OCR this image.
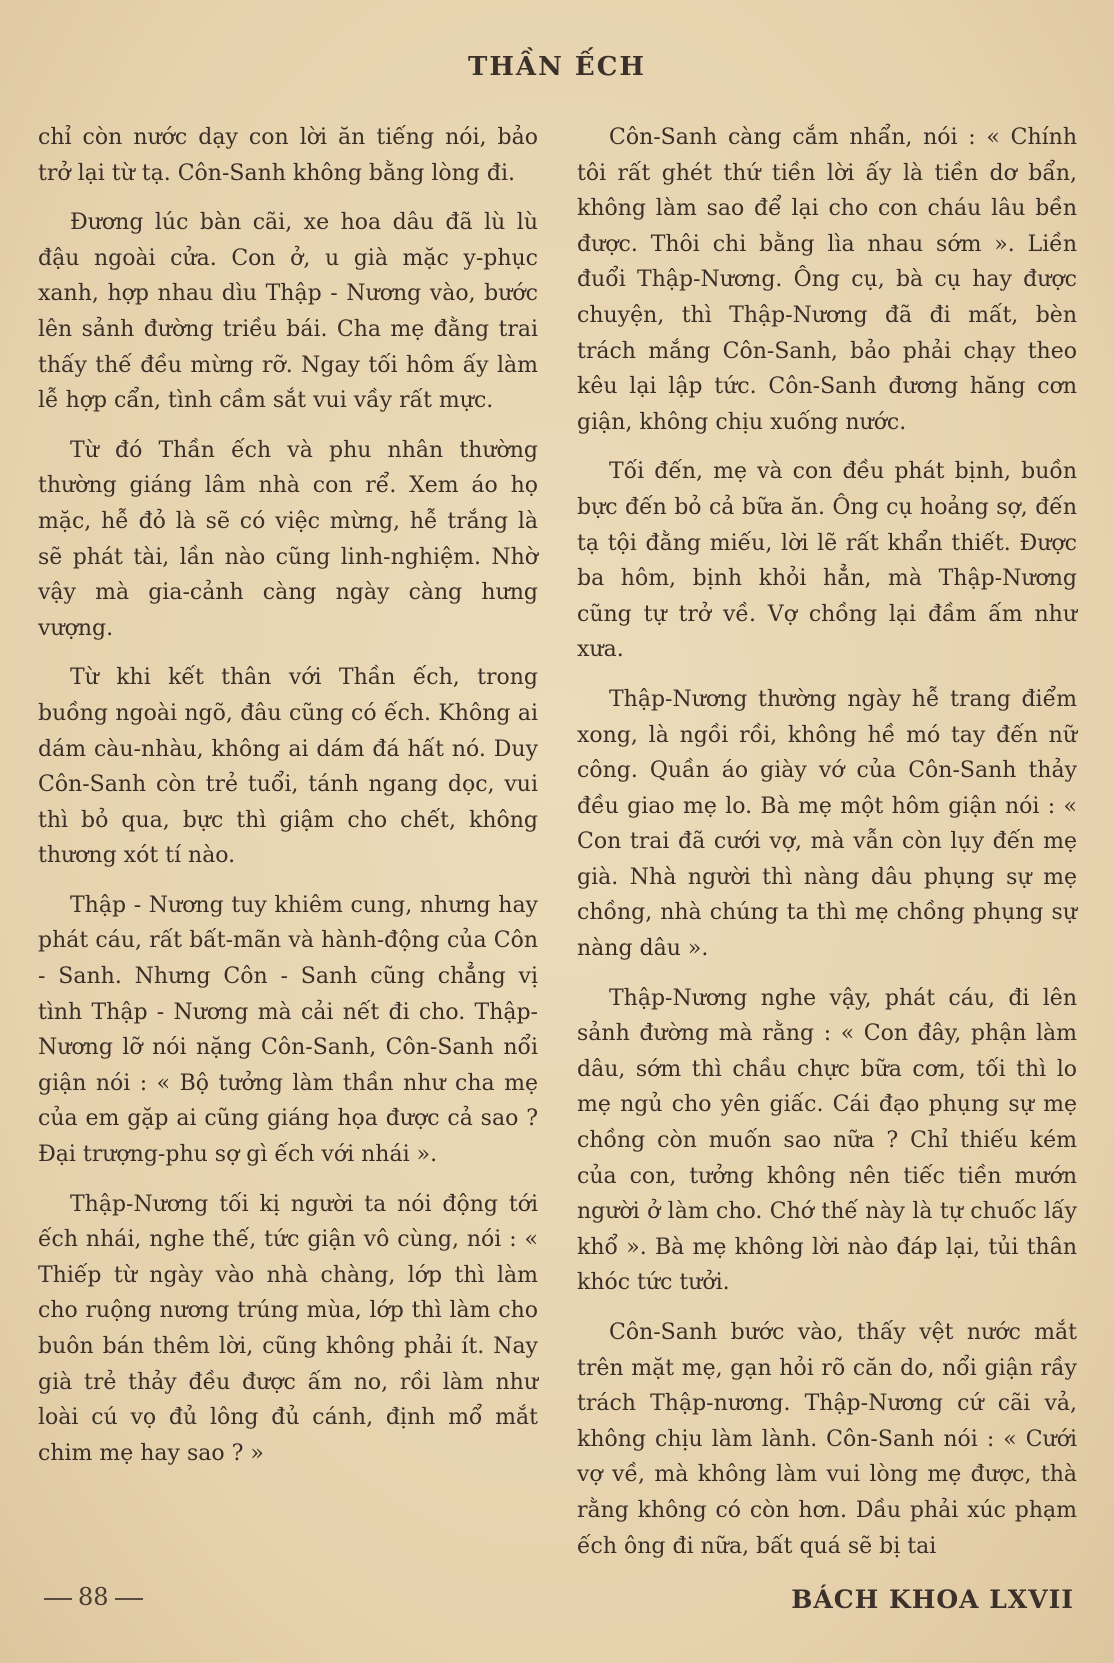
THẦN ẾCH

chỉ còn nước dạy con lời ăn tiếng nói, bảo trở lại từ tạ. Côn-Sanh không bằng lòng đi.

Đương lúc bàn cãi, xe hoa dâu đã lù lù đậu ngoài cửa. Con ở, u già mặc y-phục xanh, hợp nhau dìu Thập - Nương vào, bước lên sảnh đường triều bái. Cha mẹ đằng trai thấy thế đều mừng rỡ. Ngay tối hôm ấy làm lễ hợp cẩn, tình cầm sắt vui vầy rất mực.

Từ đó Thần ếch và phu nhân thường thường giáng lâm nhà con rể. Xem áo họ mặc, hễ đỏ là sẽ có việc mừng, hễ trắng là sẽ phát tài, lần nào cũng linh-nghiệm. Nhờ vậy mà gia-cảnh càng ngày càng hưng vượng.

Từ khi kết thân với Thần ếch, trong buồng ngoài ngõ, đâu cũng có ếch. Không ai dám càu-nhàu, không ai dám đá hất nó. Duy Côn-Sanh còn trẻ tuổi, tánh ngang dọc, vui thì bỏ qua, bực thì giậm cho chết, không thương xót tí nào.

Thập - Nương tuy khiêm cung, nhưng hay phát cáu, rất bất-mãn và hành-động của Côn - Sanh. Nhưng Côn - Sanh cũng chẳng vị tình Thập - Nương mà cải nết đi cho. Thập-Nương lỡ nói nặng Côn-Sanh, Côn-Sanh nổi giận nói : « Bộ tưởng làm thần như cha mẹ của em gặp ai cũng giáng họa được cả sao ? Đại trượng-phu sợ gì ếch với nhái ».

Thập-Nương tối kị người ta nói động tới ếch nhái, nghe thế, tức giận vô cùng, nói : « Thiếp từ ngày vào nhà chàng, lớp thì làm cho ruộng nương trúng mùa, lớp thì làm cho buôn bán thêm lời, cũng không phải ít. Nay già trẻ thảy đều được ấm no, rồi làm như loài cú vọ đủ lông đủ cánh, định mổ mắt chim mẹ hay sao ? »

Côn-Sanh càng cắm nhẩn, nói : « Chính tôi rất ghét thứ tiền lời ấy là tiền dơ bẩn, không làm sao để lại cho con cháu lâu bền được. Thôi chi bằng lìa nhau sớm ». Liền đuổi Thập-Nương. Ông cụ, bà cụ hay được chuyện, thì Thập-Nương đã đi mất, bèn trách mắng Côn-Sanh, bảo phải chạy theo kêu lại lập tức. Côn-Sanh đương hăng cơn giận, không chịu xuống nước.

Tối đến, mẹ và con đều phát bịnh, buồn bực đến bỏ cả bữa ăn. Ông cụ hoảng sợ, đến tạ tội đằng miếu, lời lẽ rất khẩn thiết. Được ba hôm, bịnh khỏi hẳn, mà Thập-Nương cũng tự trở về. Vợ chồng lại đầm ấm như xưa.

Thập-Nương thường ngày hễ trang điểm xong, là ngồi rồi, không hề mó tay đến nữ công. Quần áo giày vớ của Côn-Sanh thảy đều giao mẹ lo. Bà mẹ một hôm giận nói : « Con trai đã cưới vợ, mà vẫn còn lụy đến mẹ già. Nhà người thì nàng dâu phụng sự mẹ chồng, nhà chúng ta thì mẹ chồng phụng sự nàng dâu ».

Thập-Nương nghe vậy, phát cáu, đi lên sảnh đường mà rằng : « Con đây, phận làm dâu, sớm thì chầu chực bữa cơm, tối thì lo mẹ ngủ cho yên giấc. Cái đạo phụng sự mẹ chồng còn muốn sao nữa ? Chỉ thiếu kém của con, tưởng không nên tiếc tiền mướn người ở làm cho. Chớ thế này là tự chuốc lấy khổ ». Bà mẹ không lời nào đáp lại, tủi thân khóc tức tưởi.

Côn-Sanh bước vào, thấy vệt nước mắt trên mặt mẹ, gạn hỏi rõ căn do, nổi giận rầy trách Thập-nương. Thập-Nương cứ cãi vả, không chịu làm lành. Côn-Sanh nói : « Cưới vợ về, mà không làm vui lòng mẹ được, thà rằng không có còn hơn. Dầu phải xúc phạm ếch ông đi nữa, bất quá sẽ bị tai

88	BÁCH KHOA LXVII
